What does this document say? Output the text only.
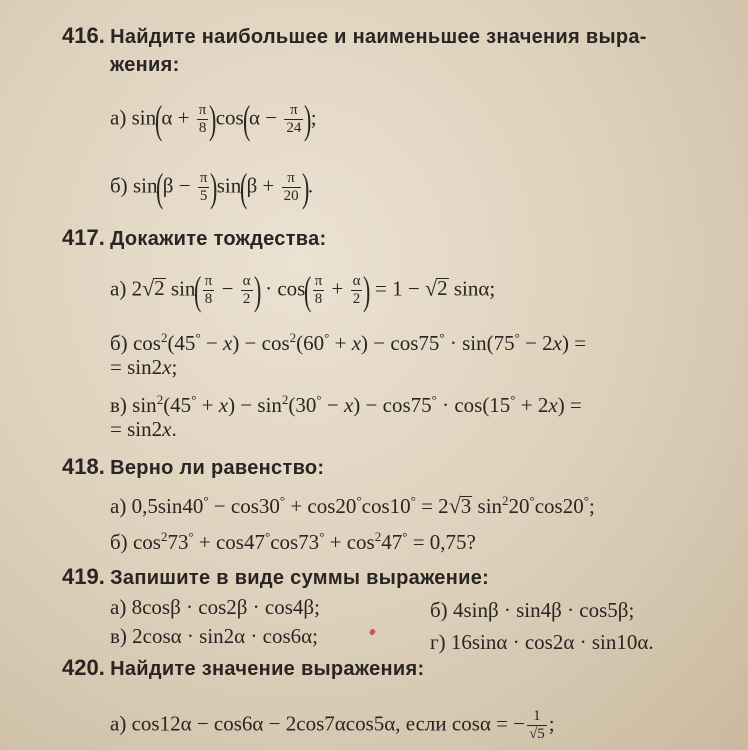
416. Найдите наибольшее и наименьшее значения выра-
жения:
а) $\sin(\alpha + \frac{\pi}{8} )\cos(\alpha - \frac{\pi}{24}$ );
б) $\sin(\beta - \frac{\pi}{5} )\sin(\beta + \frac{\pi}{20}$ ).
417. Докажите тождества:
а) 2√2 $\sin( \frac{\pi}{8} - \frac{\alpha}{2}$ ) · $\cos( \frac{\pi}{8} + \frac{\alpha}{2}$ ) = 1 − √2 sinα;
б) $\cos^2(45^\circ - x) - \cos^2(60^\circ + x) - \cos 75^\circ \cdot \sin(75^\circ - 2x)$ =
= sin2x;
в) $\sin^2(45^\circ + x) - \sin^2(30^\circ - x) - \cos 75^\circ \cdot \cos(15^\circ + 2x)$ =
= sin2x.
418. Верно ли равенство:
а) 0,5sin40° − cos30° + cos20°cos10° = 2√3 $\sin^220^\circ\cos 20^\circ$;
б) $\cos^273^\circ + \cos 47^\circ\cos 73^\circ + \cos^247^\circ = 0,75$?
419. Запишите в виде суммы выражение:
а) 8cosβ · cos2β · cos4β;	б) 4sinβ · sin4β · cos5β;
в) 2cosα · sin2α · cos6α;	г) 16sinα · cos2α · sin10α.
420. Найдите значение выражения:
а) cos12α − cos6α − 2cos7αcos5α, если cosα = − $\frac{1}{√5}$ ;
